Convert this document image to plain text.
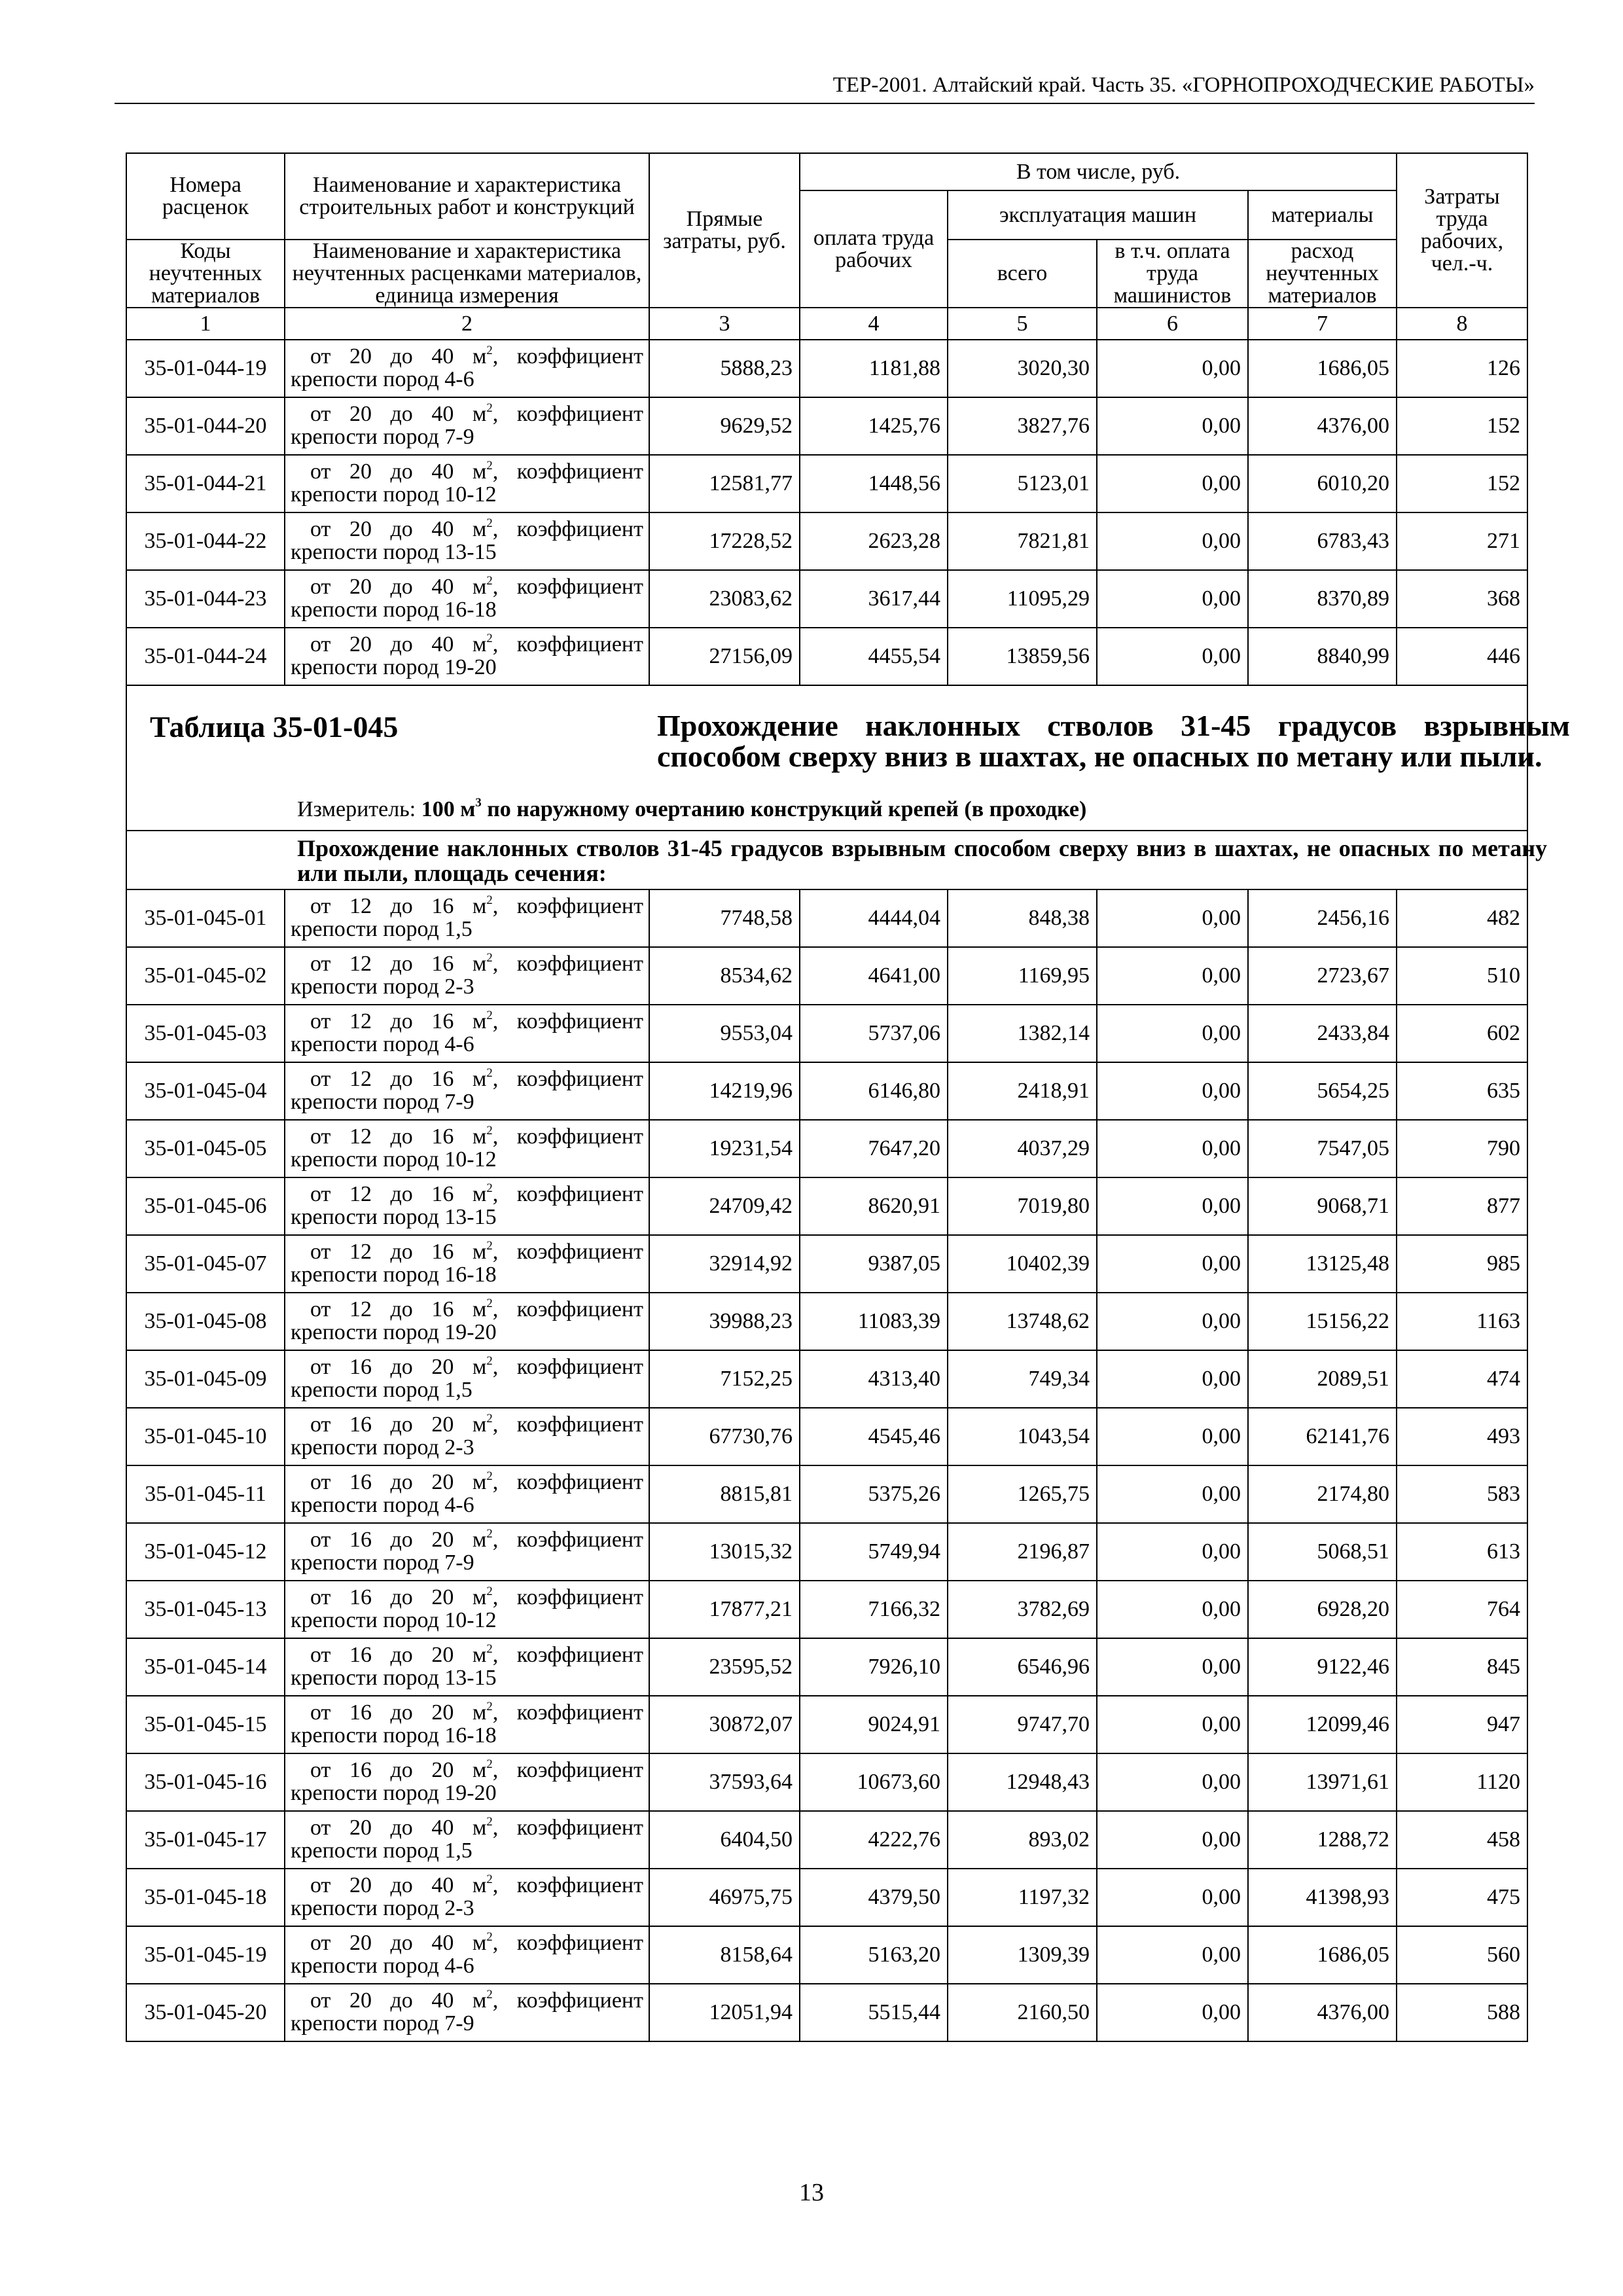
ТЕР-2001. Алтайский край. Часть 35. «ГОРНОПРОХОДЧЕСКИЕ РАБОТЫ»
Номера расценок	Наименование и характеристика строительных работ и конструкций	Прямые затраты, руб.	В том числе, руб.				Затраты труда рабочих, чел.-ч.
			оплата труда рабочих	эксплуатация машин		материалы	
Коды неучтенных материалов	Наименование и характеристика неучтенных расценками материалов, единица измерения			всего	в т.ч. оплата труда машинистов	расход неучтенных материалов	
1	2	3	4	5	6	7	8
35-01-044-19	от 20 до 40 $м^2$, коэффициент
крепости пород 4-6	5888,23	1181,88	3020,30	0,00	1686,05	126
35-01-044-20	от 20 до 40 $м^2$, коэффициент
крепости пород 7-9	9629,52	1425,76	3827,76	0,00	4376,00	152
35-01-044-21	от 20 до 40 $м^2$, коэффициент
крепости пород 10-12	12581,77	1448,56	5123,01	0,00	6010,20	152
35-01-044-22	от 20 до 40 $м^2$, коэффициент
крепости пород 13-15	17228,52	2623,28	7821,81	0,00	6783,43	271
35-01-044-23	от 20 до 40 $м^2$, коэффициент
крепости пород 16-18	23083,62	3617,44	11095,29	0,00	8370,89	368
35-01-044-24	от 20 до 40 $м^2$, коэффициент
крепости пород 19-20	27156,09	4455,54	13859,56	0,00	8840,99	446

Таблица 35-01-045 Прохождение наклонных стволов 31-45 градусов взрывным способом сверху вниз в шахтах, не опасных по метану или пыли.
Измеритель: 100 $м^3$ по наружному очертанию конструкций крепей (в проходке)							

Прохождение наклонных стволов 31-45 градусов взрывным способом сверху вниз в шахтах, не опасных по метану или пыли, площадь сечения:							

35-01-045-01	от 12 до 16 $м^2$, коэффициент
крепости пород 1,5	7748,58	4444,04	848,38	0,00	2456,16	482
35-01-045-02	от 12 до 16 $м^2$, коэффициент
крепости пород 2-3	8534,62	4641,00	1169,95	0,00	2723,67	510
35-01-045-03	от 12 до 16 $м^2$, коэффициент
крепости пород 4-6	9553,04	5737,06	1382,14	0,00	2433,84	602
35-01-045-04	от 12 до 16 $м^2$, коэффициент
крепости пород 7-9	14219,96	6146,80	2418,91	0,00	5654,25	635
35-01-045-05	от 12 до 16 $м^2$, коэффициент
крепости пород 10-12	19231,54	7647,20	4037,29	0,00	7547,05	790
35-01-045-06	от 12 до 16 $м^2$, коэффициент
крепости пород 13-15	24709,42	8620,91	7019,80	0,00	9068,71	877
35-01-045-07	от 12 до 16 $м^2$, коэффициент
крепости пород 16-18	32914,92	9387,05	10402,39	0,00	13125,48	985
35-01-045-08	от 12 до 16 $м^2$, коэффициент
крепости пород 19-20	39988,23	11083,39	13748,62	0,00	15156,22	1163
35-01-045-09	от 16 до 20 $м^2$, коэффициент
крепости пород 1,5	7152,25	4313,40	749,34	0,00	2089,51	474
35-01-045-10	от 16 до 20 $м^2$, коэффициент
крепости пород 2-3	67730,76	4545,46	1043,54	0,00	62141,76	493
35-01-045-11	от 16 до 20 $м^2$, коэффициент
крепости пород 4-6	8815,81	5375,26	1265,75	0,00	2174,80	583
35-01-045-12	от 16 до 20 $м^2$, коэффициент
крепости пород 7-9	13015,32	5749,94	2196,87	0,00	5068,51	613
35-01-045-13	от 16 до 20 $м^2$, коэффициент
крепости пород 10-12	17877,21	7166,32	3782,69	0,00	6928,20	764
35-01-045-14	от 16 до 20 $м^2$, коэффициент
крепости пород 13-15	23595,52	7926,10	6546,96	0,00	9122,46	845
35-01-045-15	от 16 до 20 $м^2$, коэффициент
крепости пород 16-18	30872,07	9024,91	9747,70	0,00	12099,46	947
35-01-045-16	от 16 до 20 $м^2$, коэффициент
крепости пород 19-20	37593,64	10673,60	12948,43	0,00	13971,61	1120
35-01-045-17	от 20 до 40 $м^2$, коэффициент
крепости пород 1,5	6404,50	4222,76	893,02	0,00	1288,72	458
35-01-045-18	от 20 до 40 $м^2$, коэффициент
крепости пород 2-3	46975,75	4379,50	1197,32	0,00	41398,93	475
35-01-045-19	от 20 до 40 $м^2$, коэффициент
крепости пород 4-6	8158,64	5163,20	1309,39	0,00	1686,05	560
35-01-045-20	от 20 до 40 $м^2$, коэффициент
крепости пород 7-9	12051,94	5515,44	2160,50	0,00	4376,00	588
13
